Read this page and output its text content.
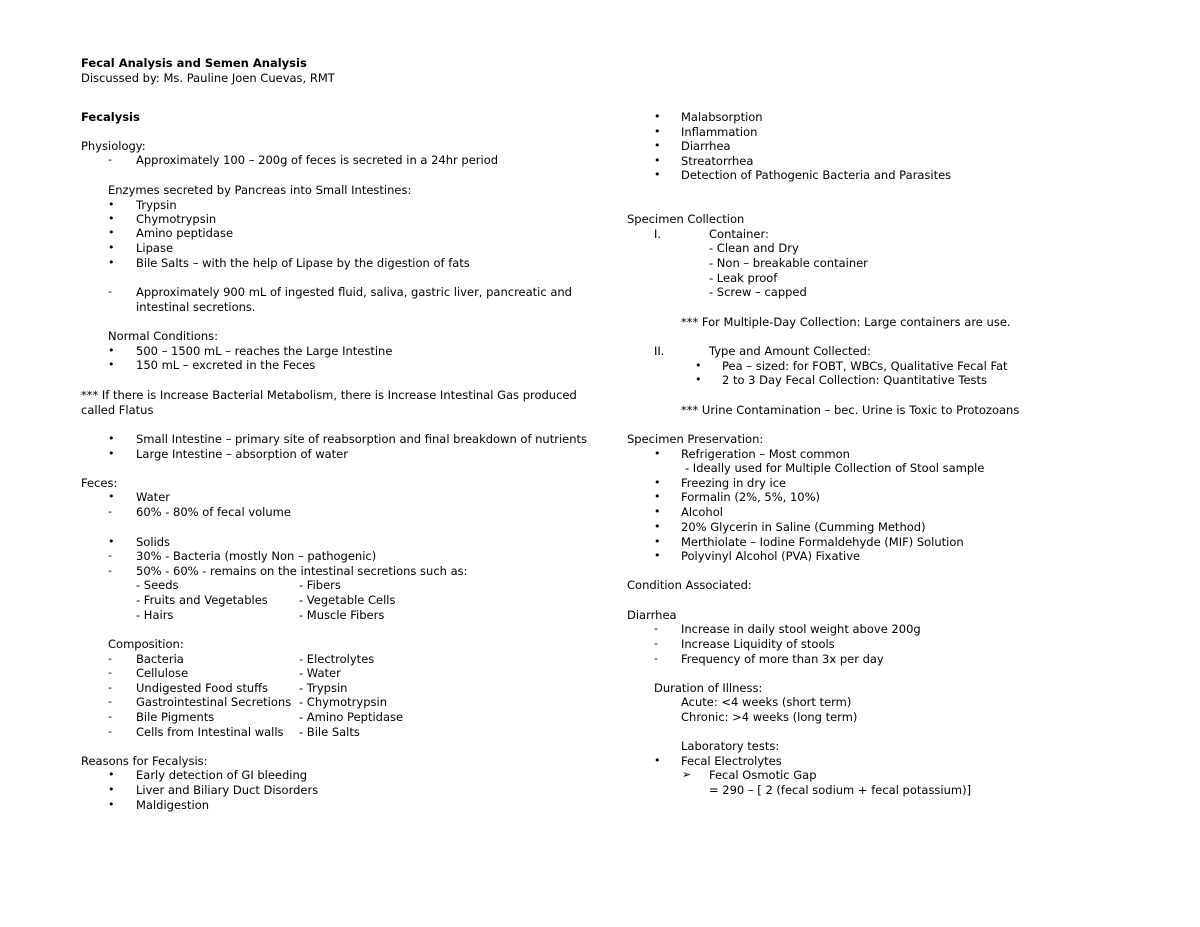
Fecal Analysis and Semen Analysis
Discussed by: Ms. Pauline Joen Cuevas, RMT
Fecalysis
Physiology:
- Approximately 100 – 200g of feces is secreted in a 24hr period
Enzymes secreted by Pancreas into Small Intestines:
• Trypsin
• Chymotrypsin
• Amino peptidase
• Lipase
• Bile Salts – with the help of Lipase by the digestion of fats
- Approximately 900 mL of ingested fluid, saliva, gastric liver, pancreatic and
intestinal secretions.
Normal Conditions:
• 500 – 1500 mL – reaches the Large Intestine
• 150 mL – excreted in the Feces
*** If there is Increase Bacterial Metabolism, there is Increase Intestinal Gas produced
called Flatus
• Small Intestine – primary site of reabsorption and final breakdown of nutrients
• Large Intestine – absorption of water
Feces:
• Water
- 60% - 80% of fecal volume
• Solids
- 30% - Bacteria (mostly Non – pathogenic)
- 50% - 60% - remains on the intestinal secretions such as:
- Seeds	- Fibers
- Fruits and Vegetables	- Vegetable Cells
- Hairs	- Muscle Fibers
Composition:
- Bacteria	- Electrolytes
- Cellulose	- Water
- Undigested Food stuffs	- Trypsin
- Gastrointestinal Secretions - Chymotrypsin
- Bile Pigments	- Amino Peptidase
- Cells from Intestinal walls - Bile Salts
Reasons for Fecalysis:
• Early detection of GI bleeding
• Liver and Biliary Duct Disorders
• Maldigestion
• Malabsorption
• Inflammation
• Diarrhea
• Streatorrhea
• Detection of Pathogenic Bacteria and Parasites
Specimen Collection
I.	Container:
- Clean and Dry
- Non – breakable container
- Leak proof
- Screw – capped
*** For Multiple-Day Collection: Large containers are use.
II.	Type and Amount Collected:
• Pea – sized: for FOBT, WBCs, Qualitative Fecal Fat
• 2 to 3 Day Fecal Collection: Quantitative Tests
*** Urine Contamination – bec. Urine is Toxic to Protozoans
Specimen Preservation:
• Refrigeration – Most common
- Ideally used for Multiple Collection of Stool sample
• Freezing in dry ice
• Formalin (2%, 5%, 10%)
• Alcohol
• 20% Glycerin in Saline (Cumming Method)
• Merthiolate – Iodine Formaldehyde (MIF) Solution
• Polyvinyl Alcohol (PVA) Fixative
Condition Associated:
Diarrhea
- Increase in daily stool weight above 200g
- Increase Liquidity of stools
- Frequency of more than 3x per day
Duration of Illness:
Acute: <4 weeks (short term)
Chronic: >4 weeks (long term)
Laboratory tests:
• Fecal Electrolytes
➢ Fecal Osmotic Gap
= 290 – [ 2 (fecal sodium + fecal potassium)]
